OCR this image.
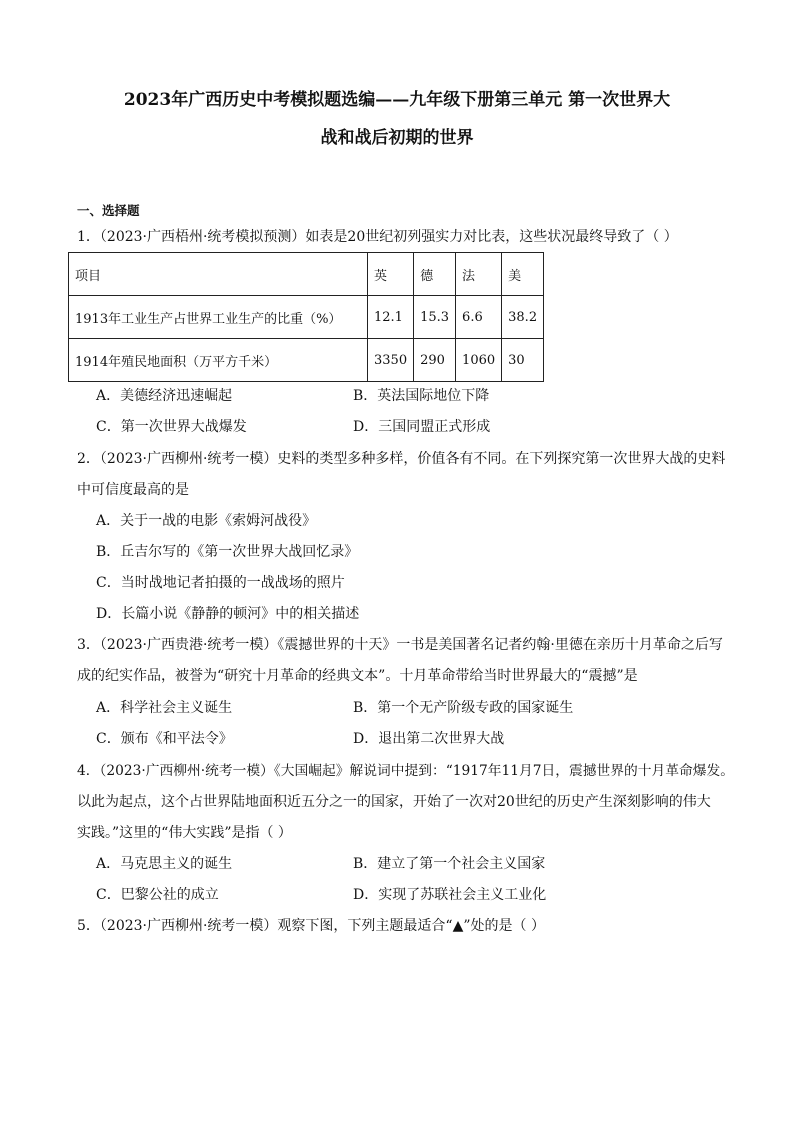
2023年广西历史中考模拟题选编——九年级下册第三单元 第一次世界大
战和战后初期的世界
一、选择题
1．（2023·广西梧州·统考模拟预测）如表是20世纪初列强实力对比表，这些状况最终导致了（ ）
项目	英	德	法	美
1913年工业生产占世界工业生产的比重（%）	12.1	15.3	6.6	38.2
1914年殖民地面积（万平方千米）	3350	290	1060	30
A．美德经济迅速崛起	B．英法国际地位下降
C．第一次世界大战爆发	D．三国同盟正式形成
2．（2023·广西柳州·统考一模）史料的类型多种多样，价值各有不同。在下列探究第一次世界大战的史料
中可信度最高的是
A．关于一战的电影《索姆河战役》
B．丘吉尔写的《第一次世界大战回忆录》
C．当时战地记者拍摄的一战战场的照片
D．长篇小说《静静的顿河》中的相关描述
3．（2023·广西贵港·统考一模）《震撼世界的十天》一书是美国著名记者约翰·里德在亲历十月革命之后写
成的纪实作品，被誉为“研究十月革命的经典文本”。十月革命带给当时世界最大的“震撼”是
A．科学社会主义诞生	B．第一个无产阶级专政的国家诞生
C．颁布《和平法令》	D．退出第二次世界大战
4．（2023·广西柳州·统考一模）《大国崛起》解说词中提到：“1917年11月7日，震撼世界的十月革命爆发。
以此为起点，这个占世界陆地面积近五分之一的国家，开始了一次对20世纪的历史产生深刻影响的伟大
实践。”这里的“伟大实践”是指（ ）
A．马克思主义的诞生	B．建立了第一个社会主义国家
C．巴黎公社的成立	D．实现了苏联社会主义工业化
5．（2023·广西柳州·统考一模）观察下图，下列主题最适合“▲”处的是（ ）
